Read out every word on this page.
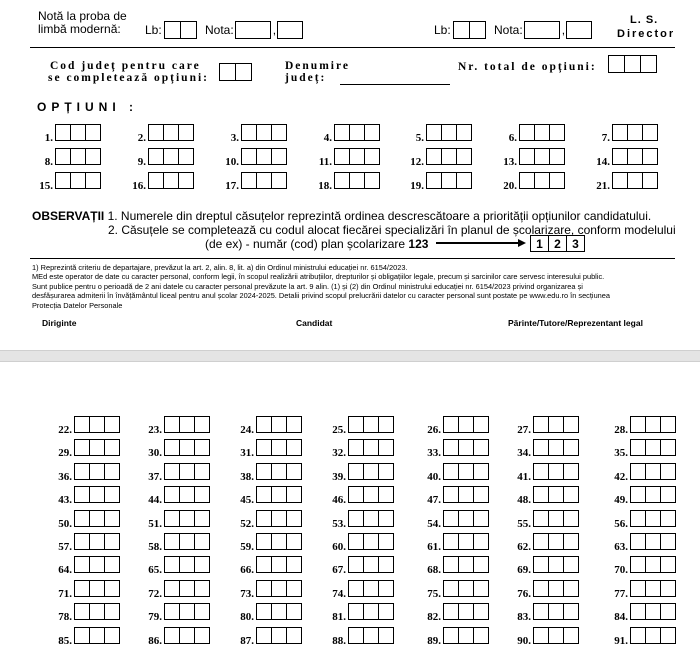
Notă la proba de limbă modernă:	Lb:	Nota:	,	Lb:	Nota:	,
L. S.
Director
Cod județ pentru care
se completează opțiuni:
Denumire
județ:
Nr. total de opțiuni:
OPȚIUNI :
1.	2.	3.	4.	5.	6.	7.
8.	9.	10.	11.	12.	13.	14.
15.	16.	17.	18.	19.	20.	21.
OBSERVAȚII 1. Numerele din dreptul căsuțelor reprezintă ordinea descrescătoare a priorității opțiunilor candidatului.
2. Căsuțele se completează cu codul alocat fiecărei specializări în planul de școlarizare, conform modelului
(de ex) - număr (cod) plan școlarizare 123	1 2 3
1) Reprezintă criteriu de departajare, prevăzut la art. 2, alin. 8, lit. a) din Ordinul ministrului educației nr. 6154/2023.
MEd este operator de date cu caracter personal, conform legii, în scopul realizării atribuțiilor, drepturilor și obligațiilor legale, precum și sarcinilor care servesc interesului public.
Sunt publice pentru o perioadă de 2 ani datele cu caracter personal prevăzute la art. 9 alin. (1) și (2) din Ordinul ministrului educației nr. 6154/2023 privind organizarea și
desfășurarea admiterii în învățământul liceal pentru anul școlar 2024-2025. Detalii privind scopul prelucrării datelor cu caracter personal sunt postate pe www.edu.ro în secțiunea
Protecția Datelor Personale
Diriginte	Candidat	Părinte/Tutore/Reprezentant legal
22.	23.	24.	25.	26.	27.	28.
29.	30.	31.	32.	33.	34.	35.
36.	37.	38.	39.	40.	41.	42.
43.	44.	45.	46.	47.	48.	49.
50.	51.	52.	53.	54.	55.	56.
57.	58.	59.	60.	61.	62.	63.
64.	65.	66.	67.	68.	69.	70.
71.	72.	73.	74.	75.	76.	77.
78.	79.	80.	81.	82.	83.	84.
85.	86.	87.	88.	89.	90.	91.
